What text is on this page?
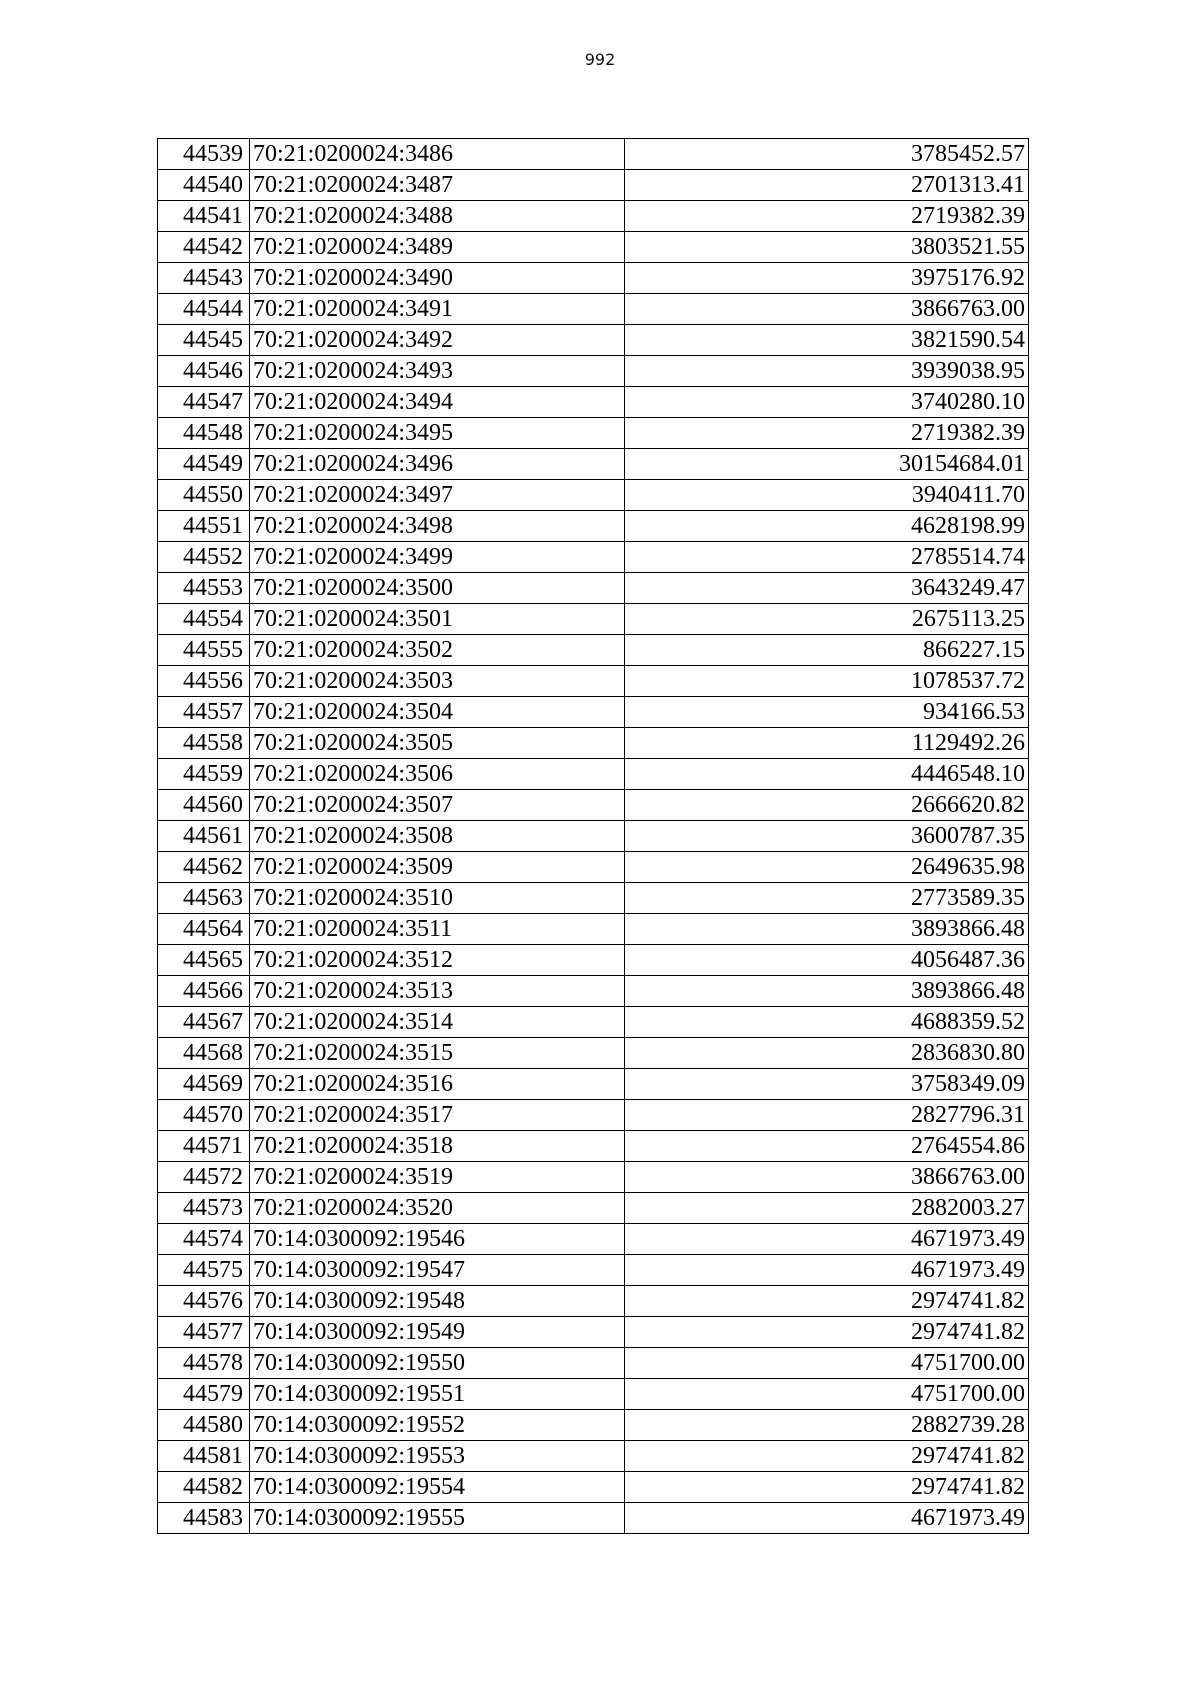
992
44539	70:21:0200024:3486	3785452.57
44540	70:21:0200024:3487	2701313.41
44541	70:21:0200024:3488	2719382.39
44542	70:21:0200024:3489	3803521.55
44543	70:21:0200024:3490	3975176.92
44544	70:21:0200024:3491	3866763.00
44545	70:21:0200024:3492	3821590.54
44546	70:21:0200024:3493	3939038.95
44547	70:21:0200024:3494	3740280.10
44548	70:21:0200024:3495	2719382.39
44549	70:21:0200024:3496	30154684.01
44550	70:21:0200024:3497	3940411.70
44551	70:21:0200024:3498	4628198.99
44552	70:21:0200024:3499	2785514.74
44553	70:21:0200024:3500	3643249.47
44554	70:21:0200024:3501	2675113.25
44555	70:21:0200024:3502	866227.15
44556	70:21:0200024:3503	1078537.72
44557	70:21:0200024:3504	934166.53
44558	70:21:0200024:3505	1129492.26
44559	70:21:0200024:3506	4446548.10
44560	70:21:0200024:3507	2666620.82
44561	70:21:0200024:3508	3600787.35
44562	70:21:0200024:3509	2649635.98
44563	70:21:0200024:3510	2773589.35
44564	70:21:0200024:3511	3893866.48
44565	70:21:0200024:3512	4056487.36
44566	70:21:0200024:3513	3893866.48
44567	70:21:0200024:3514	4688359.52
44568	70:21:0200024:3515	2836830.80
44569	70:21:0200024:3516	3758349.09
44570	70:21:0200024:3517	2827796.31
44571	70:21:0200024:3518	2764554.86
44572	70:21:0200024:3519	3866763.00
44573	70:21:0200024:3520	2882003.27
44574	70:14:0300092:19546	4671973.49
44575	70:14:0300092:19547	4671973.49
44576	70:14:0300092:19548	2974741.82
44577	70:14:0300092:19549	2974741.82
44578	70:14:0300092:19550	4751700.00
44579	70:14:0300092:19551	4751700.00
44580	70:14:0300092:19552	2882739.28
44581	70:14:0300092:19553	2974741.82
44582	70:14:0300092:19554	2974741.82
44583	70:14:0300092:19555	4671973.49
